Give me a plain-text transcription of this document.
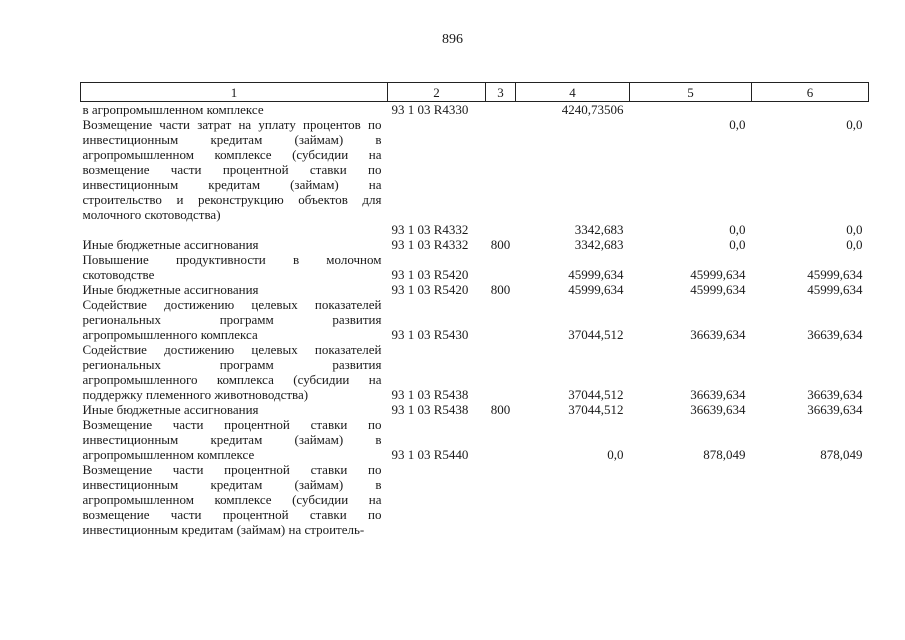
896
1	2	3	4	5	6
в агропромышленном комплексе	93 1 03 R4330		4240,73506		
Возмещение части затрат на уплату процентов по инвестиционным кредитам (займам) в агропромышленном комплексе (субсидии на возмещение части процентной ставки по инвестиционным кредитам (займам) на строительство и реконструкцию объектов для молочного скотоводства)				0,0	0,0
	93 1 03 R4332		3342,683	0,0	0,0
Иные бюджетные ассигнования	93 1 03 R4332	800	3342,683	0,0	0,0
Повышение продуктивности в молочном скотоводстве	93 1 03 R5420		45999,634	45999,634	45999,634
Иные бюджетные ассигнования	93 1 03 R5420	800	45999,634	45999,634	45999,634
Содействие достижению целевых показателей региональных программ развития агропромышленного комплекса	93 1 03 R5430		37044,512	36639,634	36639,634
Содействие достижению целевых показателей региональных программ развития агропромышленного комплекса (субсидии на поддержку племенного животноводства)	93 1 03 R5438		37044,512	36639,634	36639,634
Иные бюджетные ассигнования	93 1 03 R5438	800	37044,512	36639,634	36639,634
Возмещение части процентной ставки по инвестиционным кредитам (займам) в агропромышленном комплексе	93 1 03 R5440		0,0	878,049	878,049
Возмещение части процентной ставки по инвестиционным кредитам (займам) в агропромышленном комплексе (субсидии на возмещение части процентной ставки по инвестиционным кредитам (займам) на строитель-					
